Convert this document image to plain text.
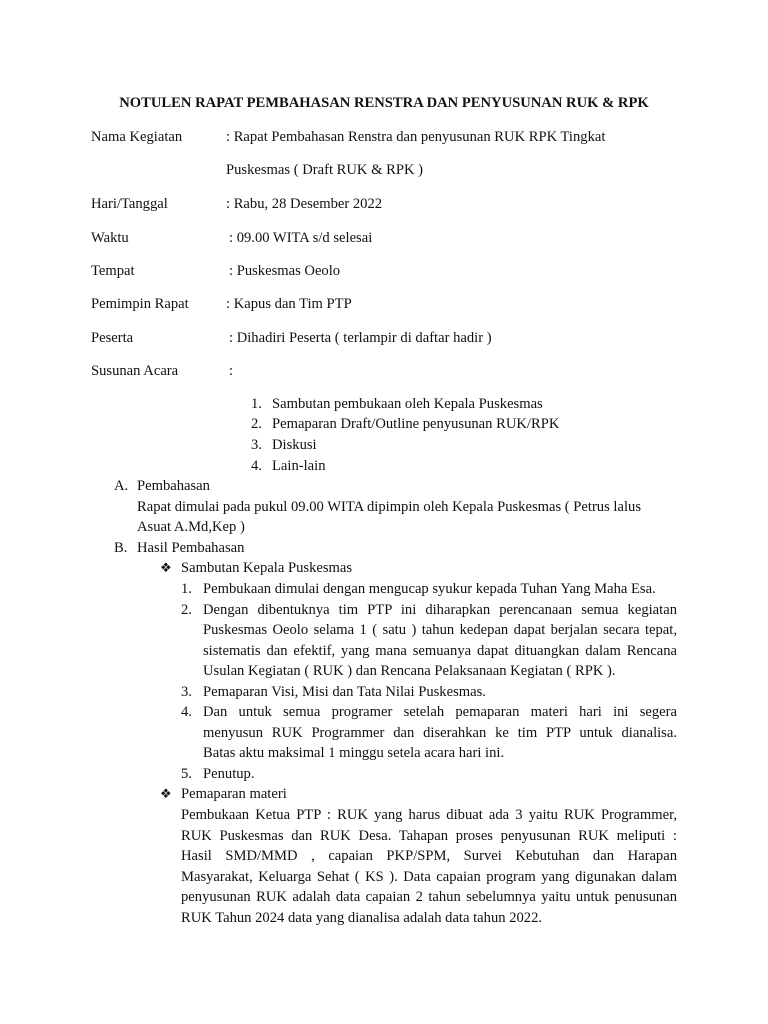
NOTULEN RAPAT PEMBAHASAN RENSTRA DAN PENYUSUNAN RUK & RPK
Nama Kegiatan	: Rapat Pembahasan Renstra dan penyusunan RUK RPK Tingkat
Puskesmas ( Draft RUK & RPK )
Hari/Tanggal	: Rabu, 28 Desember 2022
Waktu	: 09.00 WITA s/d selesai
Tempat	: Puskesmas Oeolo
Pemimpin Rapat	: Kapus dan Tim PTP
Peserta	: Dihadiri Peserta ( terlampir di daftar hadir )
Susunan Acara	:
1. Sambutan pembukaan oleh Kepala Puskesmas
2. Pemaparan Draft/Outline penyusunan RUK/RPK
3. Diskusi
4. Lain-lain
A. Pembahasan
Rapat dimulai pada pukul 09.00 WITA dipimpin oleh Kepala Puskesmas ( Petrus lalus
Asuat A.Md,Kep )
B. Hasil Pembahasan
❖ Sambutan Kepala Puskesmas
1. Pembukaan dimulai dengan mengucap syukur kepada Tuhan Yang Maha Esa.
2. Dengan dibentuknya tim PTP ini diharapkan perencanaan semua kegiatan
Puskesmas Oeolo selama 1 ( satu ) tahun kedepan dapat berjalan secara tepat,
sistematis dan efektif, yang mana semuanya dapat dituangkan dalam Rencana
Usulan Kegiatan ( RUK ) dan Rencana Pelaksanaan Kegiatan ( RPK ).
3. Pemaparan Visi, Misi dan Tata Nilai Puskesmas.
4. Dan untuk semua programer setelah pemaparan materi hari ini segera
menyusun RUK Programmer dan diserahkan ke tim PTP untuk dianalisa.
Batas aktu maksimal 1 minggu setela acara hari ini.
5. Penutup.
❖ Pemaparan materi
Pembukaan Ketua PTP : RUK yang harus dibuat ada 3 yaitu RUK Programmer,
RUK Puskesmas dan RUK Desa. Tahapan proses penyusunan RUK meliputi :
Hasil SMD/MMD , capaian PKP/SPM, Survei Kebutuhan dan Harapan
Masyarakat, Keluarga Sehat ( KS ). Data capaian program yang digunakan dalam
penyusunan RUK adalah data capaian 2 tahun sebelumnya yaitu untuk penusunan
RUK Tahun 2024 data yang dianalisa adalah data tahun 2022.
